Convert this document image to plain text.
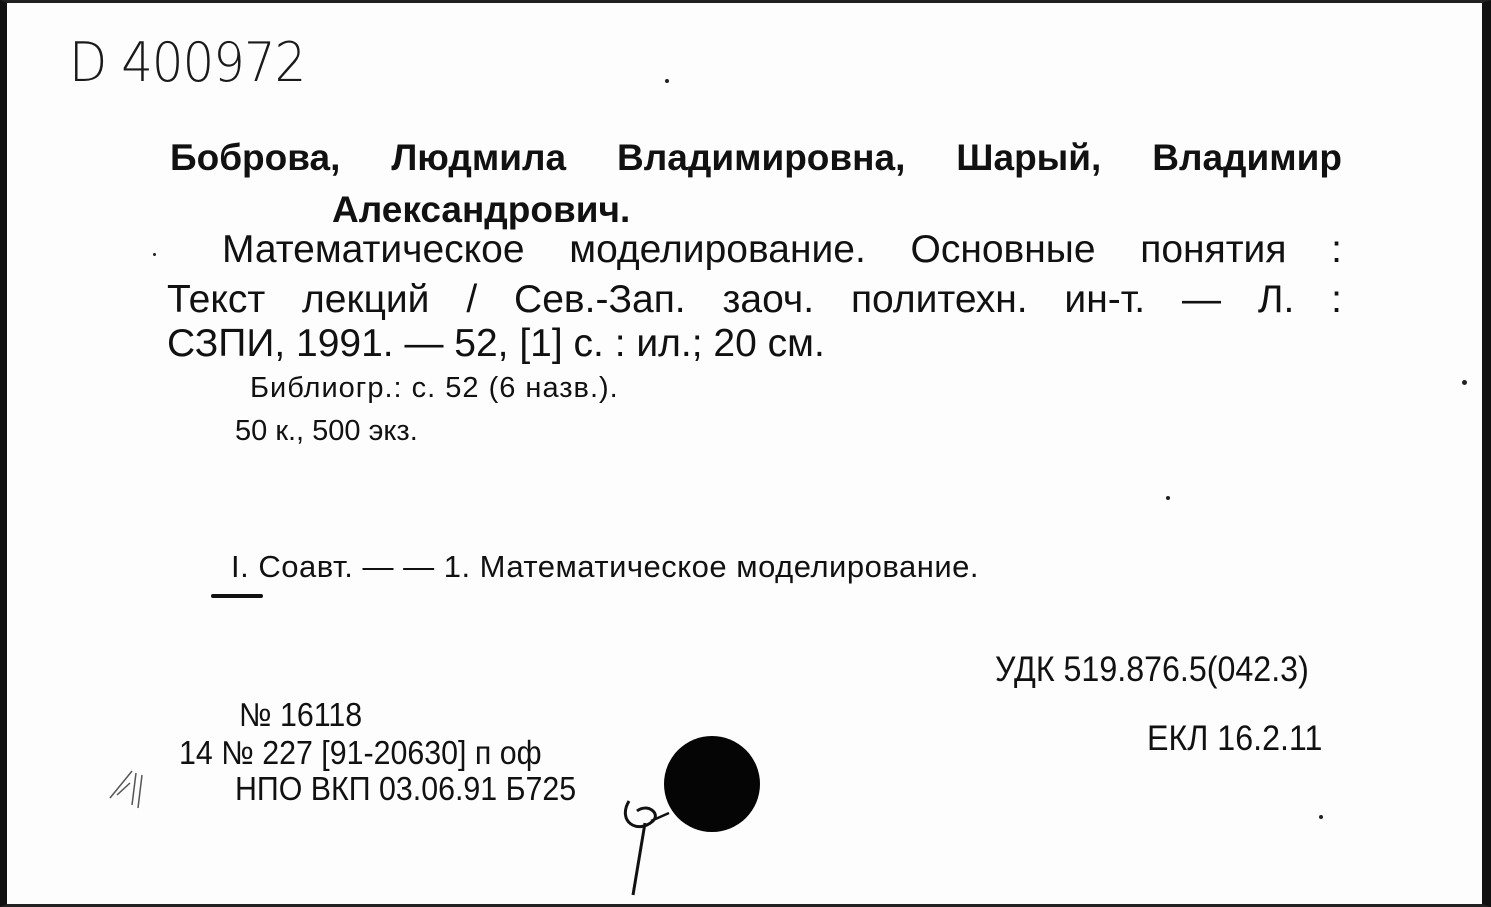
D 400972
Боброва, Людмила Владимировна, Шарый, Владимир
Александрович.
Математическое моделирование. Основные понятия :
Текст лекций / Сев.-Зап. заоч. политехн. ин-т. — Л. :
СЗПИ, 1991. — 52, [1] с. : ил.; 20 см.
Библиогр.: с. 52 (6 назв.).
50 к., 500 экз.
I. Соавт. — — 1. Математическое моделирование.
УДК 519.876.5(042.3)
ЕКЛ 16.2.11
№ 16118
14 № 227 [91-20630] п оф
НПО ВКП 03.06.91 Б725
